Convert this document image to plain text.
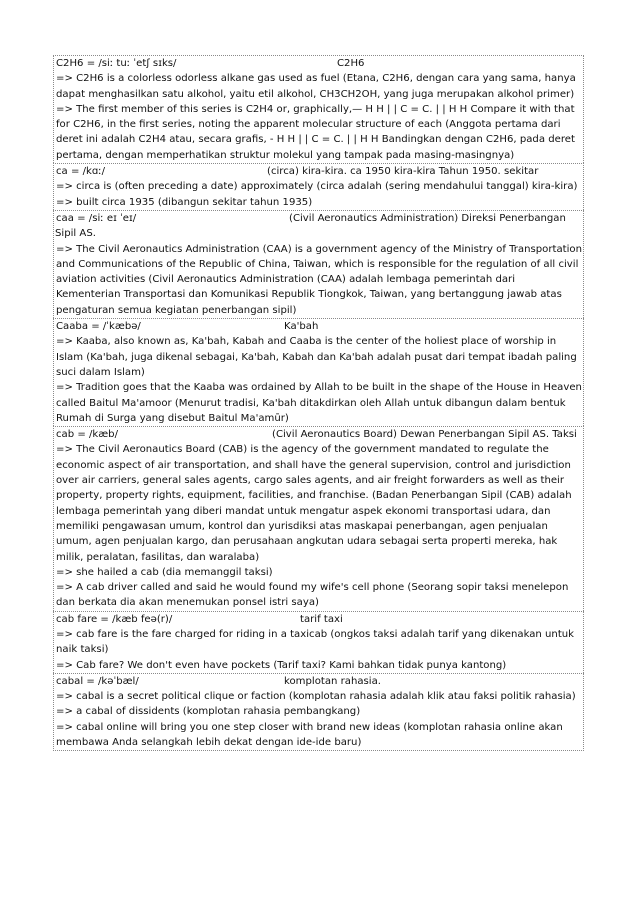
C2H6 = /siː tuː ˈetʃ sɪks/	C2H6

=> C2H6 is a colorless odorless alkane gas used as fuel (Etana, C2H6, dengan cara yang sama, hanya dapat menghasilkan satu alkohol, yaitu etil alkohol, CH3CH2OH, yang juga merupakan alkohol primer)

=> The first member of this series is C2H4 or, graphically,— H H | | C = C. | | H H Compare it with that for C2H6, in the first series, noting the apparent molecular structure of each (Anggota pertama dari deret ini adalah C2H4 atau, secara grafis, - H H | | C = C. | | H H Bandingkan dengan C2H6, pada deret pertama, dengan memperhatikan struktur molekul yang tampak pada masing-masingnya)

ca = /kɑː/	(circa) kira-kira. ca 1950 kira-kira Tahun 1950. sekitar

=> circa is (often preceding a date) approximately (circa adalah (sering mendahului tanggal) kira-kira)

=> built circa 1935 (dibangun sekitar tahun 1935)

caa = /siː eɪ ˈeɪ/	(Civil Aeronautics Administration) Direksi Penerbangan Sipil AS.

=> The Civil Aeronautics Administration (CAA) is a government agency of the Ministry of Transportation and Communications of the Republic of China, Taiwan, which is responsible for the regulation of all civil aviation activities (Civil Aeronautics Administration (CAA) adalah lembaga pemerintah dari Kementerian Transportasi dan Komunikasi Republik Tiongkok, Taiwan, yang bertanggung jawab atas pengaturan semua kegiatan penerbangan sipil)

Caaba = /ˈkæbə/	Ka'bah

=> Kaaba, also known as, Ka'bah, Kabah and Caaba is the center of the holiest place of worship in Islam (Ka'bah, juga dikenal sebagai, Ka'bah, Kabah dan Ka'bah adalah pusat dari tempat ibadah paling suci dalam Islam)

=> Tradition goes that the Kaaba was ordained by Allah to be built in the shape of the House in Heaven called Baitul Ma'amoor (Menurut tradisi, Ka'bah ditakdirkan oleh Allah untuk dibangun dalam bentuk Rumah di Surga yang disebut Baitul Ma'amūr)

cab = /kæb/	(Civil Aeronautics Board) Dewan Penerbangan Sipil AS. Taksi

=> The Civil Aeronautics Board (CAB) is the agency of the government mandated to regulate the economic aspect of air transportation, and shall have the general supervision, control and jurisdiction over air carriers, general sales agents, cargo sales agents, and air freight forwarders as well as their property, property rights, equipment, facilities, and franchise. (Badan Penerbangan Sipil (CAB) adalah lembaga pemerintah yang diberi mandat untuk mengatur aspek ekonomi transportasi udara, dan memiliki pengawasan umum, kontrol dan yurisdiksi atas maskapai penerbangan, agen penjualan umum, agen penjualan kargo, dan perusahaan angkutan udara sebagai serta properti mereka, hak milik, peralatan, fasilitas, dan waralaba)

=> she hailed a cab (dia memanggil taksi)

=> A cab driver called and said he would found my wife's cell phone (Seorang sopir taksi menelepon dan berkata dia akan menemukan ponsel istri saya)

cab fare = /kæb feə(r)/	tarif taxi

=> cab fare is the fare charged for riding in a taxicab (ongkos taksi adalah tarif yang dikenakan untuk naik taksi)

=> Cab fare? We don't even have pockets (Tarif taxi? Kami bahkan tidak punya kantong)

cabal = /kəˈbæl/	komplotan rahasia.

=> cabal is a secret political clique or faction (komplotan rahasia adalah klik atau faksi politik rahasia)

=> a cabal of dissidents (komplotan rahasia pembangkang)

=> cabal online will bring you one step closer with brand new ideas (komplotan rahasia online akan membawa Anda selangkah lebih dekat dengan ide-ide baru)
